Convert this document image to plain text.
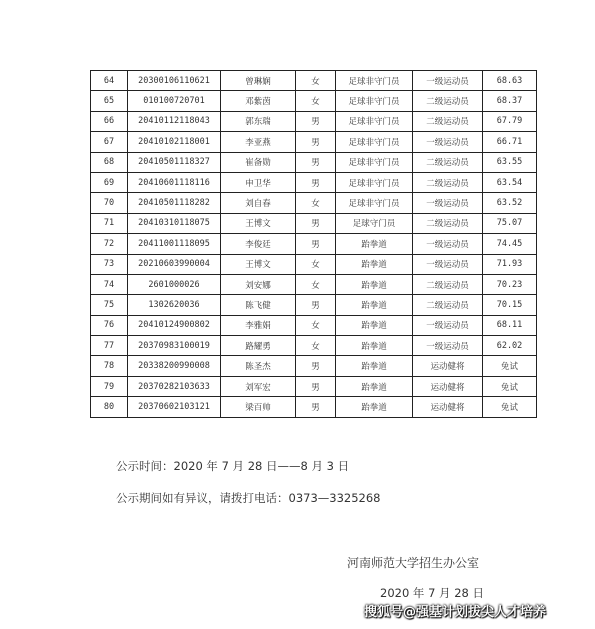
64	20300106110621	曾琳娴	女	足球非守门员	一级运动员	68.63
65	010100720701	邓紫茵	女	足球非守门员	二级运动员	68.37
66	20410112118043	郭东瑞	男	足球非守门员	二级运动员	67.79
67	20410102118001	李亚燕	男	足球非守门员	一级运动员	66.71
68	20410501118327	崔备勋	男	足球非守门员	二级运动员	63.55
69	20410601118116	申卫华	男	足球非守门员	二级运动员	63.54
70	20410501118282	刘自春	女	足球非守门员	一级运动员	63.52
71	20410310118075	王博文	男	足球守门员	二级运动员	75.07
72	20411001118095	李俊廷	男	跆拳道	一级运动员	74.45
73	20210603990004	王博文	女	跆拳道	一级运动员	71.93
74	2601000026	刘安娜	女	跆拳道	二级运动员	70.23
75	1302620036	陈飞健	男	跆拳道	二级运动员	70.15
76	20410124900802	李雅娟	女	跆拳道	一级运动员	68.11
77	20370983100019	路耀勇	女	跆拳道	一级运动员	62.02
78	20338200990008	陈圣杰	男	跆拳道	运动健将	免试
79	20370282103633	刘军宏	男	跆拳道	运动健将	免试
80	20370602103121	梁百帅	男	跆拳道	运动健将	免试
公示时间：2020 年 7 月 28 日——8 月 3 日
公示期间如有异议，请拨打电话：0373—3325268
河南师范大学招生办公室
2020 年 7 月 28 日
搜狐号@强基计划拔尖人才培养
